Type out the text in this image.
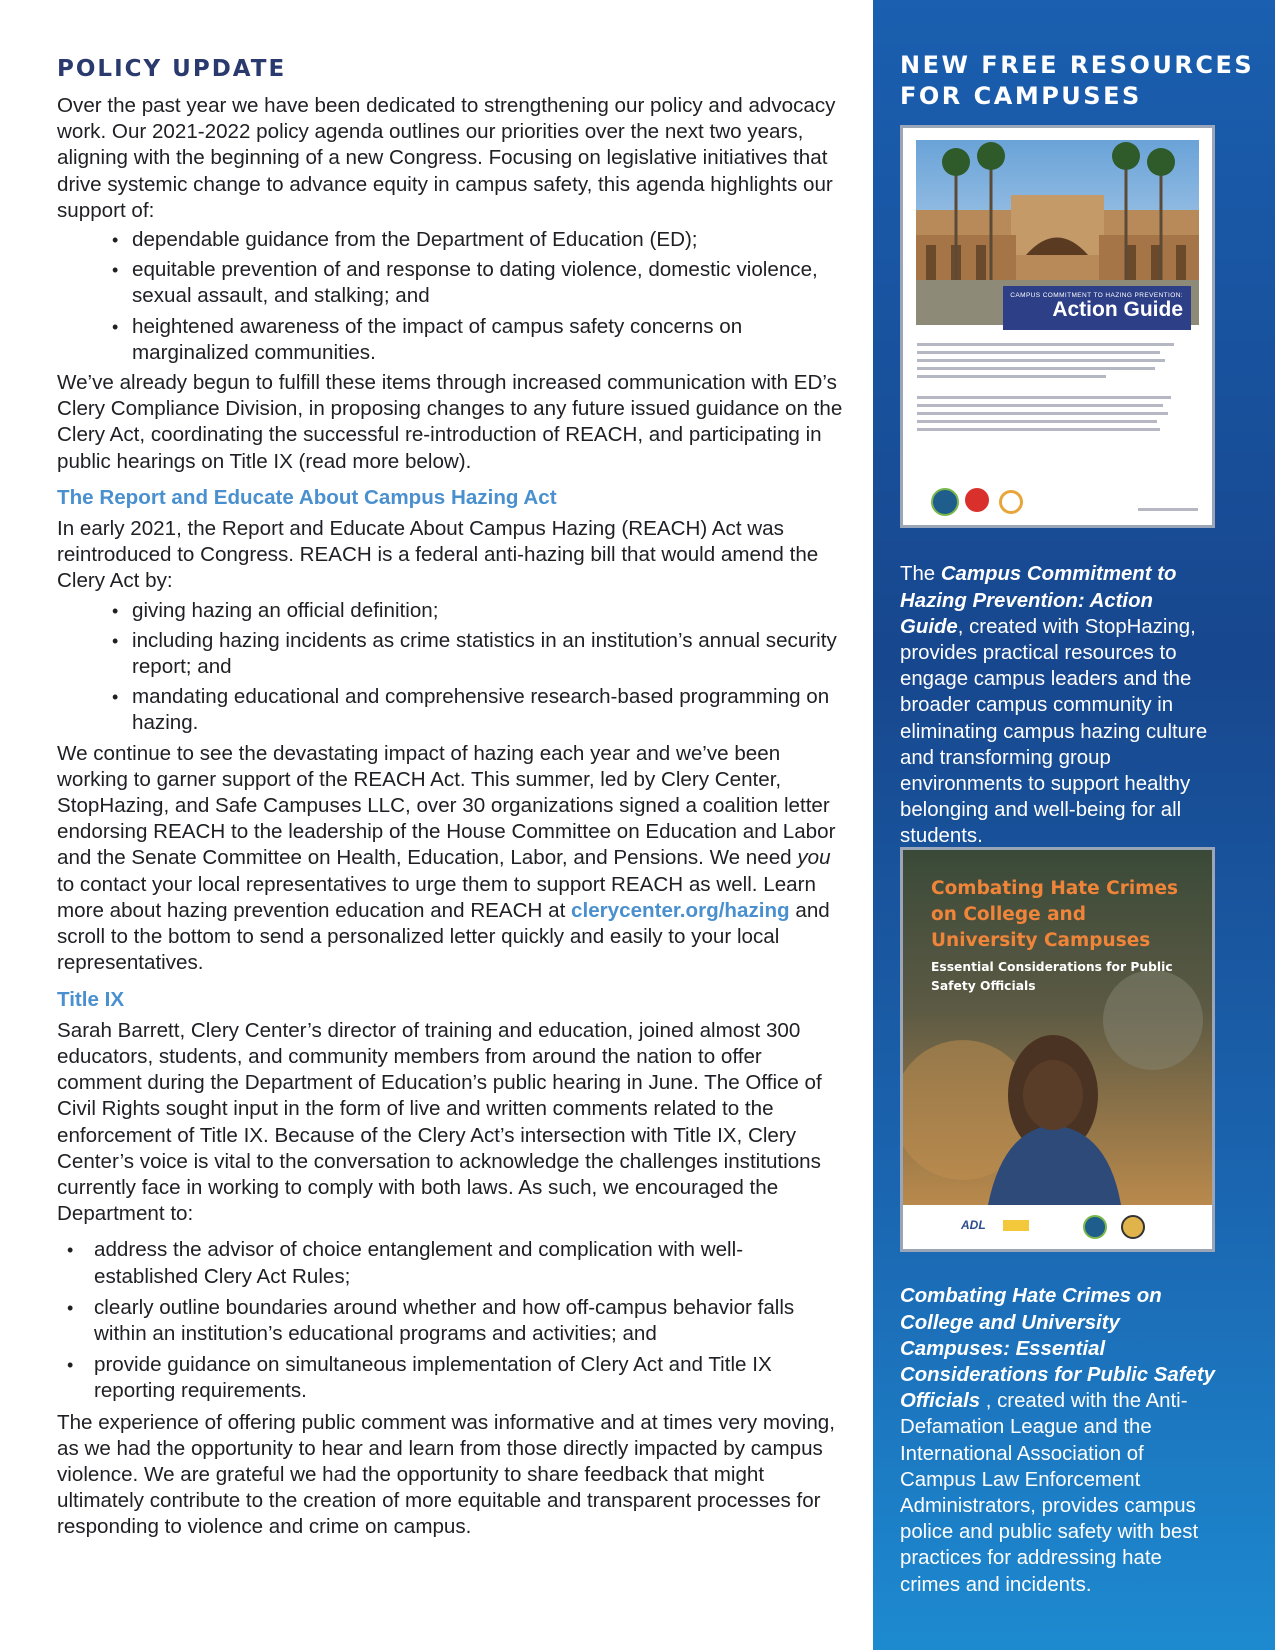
POLICY UPDATE

Over the past year we have been dedicated to strengthening our policy and advocacy work. Our 2021-2022 policy agenda outlines our priorities over the next two years, aligning with the beginning of a new Congress. Focusing on legislative initiatives that drive systemic change to advance equity in campus safety, this agenda highlights our support of:

• dependable guidance from the Department of Education (ED);
• equitable prevention of and response to dating violence, domestic violence, sexual assault, and stalking; and
• heightened awareness of the impact of campus safety concerns on marginalized communities.

We’ve already begun to fulfill these items through increased communication with ED’s Clery Compliance Division, in proposing changes to any future issued guidance on the Clery Act, coordinating the successful re-introduction of REACH, and participating in public hearings on Title IX (read more below).

The Report and Educate About Campus Hazing Act

In early 2021, the Report and Educate About Campus Hazing (REACH) Act was reintroduced to Congress. REACH is a federal anti-hazing bill that would amend the Clery Act by:

• giving hazing an official definition;
• including hazing incidents as crime statistics in an institution’s annual security report; and
• mandating educational and comprehensive research-based programming on hazing.

We continue to see the devastating impact of hazing each year and we’ve been working to garner support of the REACH Act. This summer, led by Clery Center, StopHazing, and Safe Campuses LLC, over 30 organizations signed a coalition letter endorsing REACH to the leadership of the House Committee on Education and Labor and the Senate Committee on Health, Education, Labor, and Pensions. We need you to contact your local representatives to urge them to support REACH as well. Learn more about hazing prevention education and REACH at clerycenter.org/hazing and scroll to the bottom to send a personalized letter quickly and easily to your local representatives.

Title IX

Sarah Barrett, Clery Center’s director of training and education, joined almost 300 educators, students, and community members from around the nation to offer comment during the Department of Education’s public hearing in June. The Office of Civil Rights sought input in the form of live and written comments related to the enforcement of Title IX. Because of the Clery Act’s intersection with Title IX, Clery Center’s voice is vital to the conversation to acknowledge the challenges institutions currently face in working to comply with both laws. As such, we encouraged the Department to:

• address the advisor of choice entanglement and complication with well-established Clery Act Rules;
• clearly outline boundaries around whether and how off-campus behavior falls within an institution’s educational programs and activities; and
• provide guidance on simultaneous implementation of Clery Act and Title IX reporting requirements.

The experience of offering public comment was informative and at times very moving, as we had the opportunity to hear and learn from those directly impacted by campus violence. We are grateful we had the opportunity to share feedback that might ultimately contribute to the creation of more equitable and transparent processes for responding to violence and crime on campus.

NEW FREE RESOURCES FOR CAMPUSES
CAMPUS COMMITMENT TO HAZING PREVENTION:
Action Guide

The Campus Commitment to Hazing Prevention: Action Guide, created with StopHazing, provides practical resources to engage campus leaders and the broader campus community in eliminating campus hazing culture and transforming group environments to support healthy belonging and well-being for all students.

Combating Hate Crimes on College and University Campuses
Essential Considerations for Public Safety Officials
ADL

Combating Hate Crimes on College and University Campuses: Essential Considerations for Public Safety Officials , created with the Anti-Defamation League and the International Association of Campus Law Enforcement Administrators, provides campus police and public safety with best practices for addressing hate crimes and incidents.
